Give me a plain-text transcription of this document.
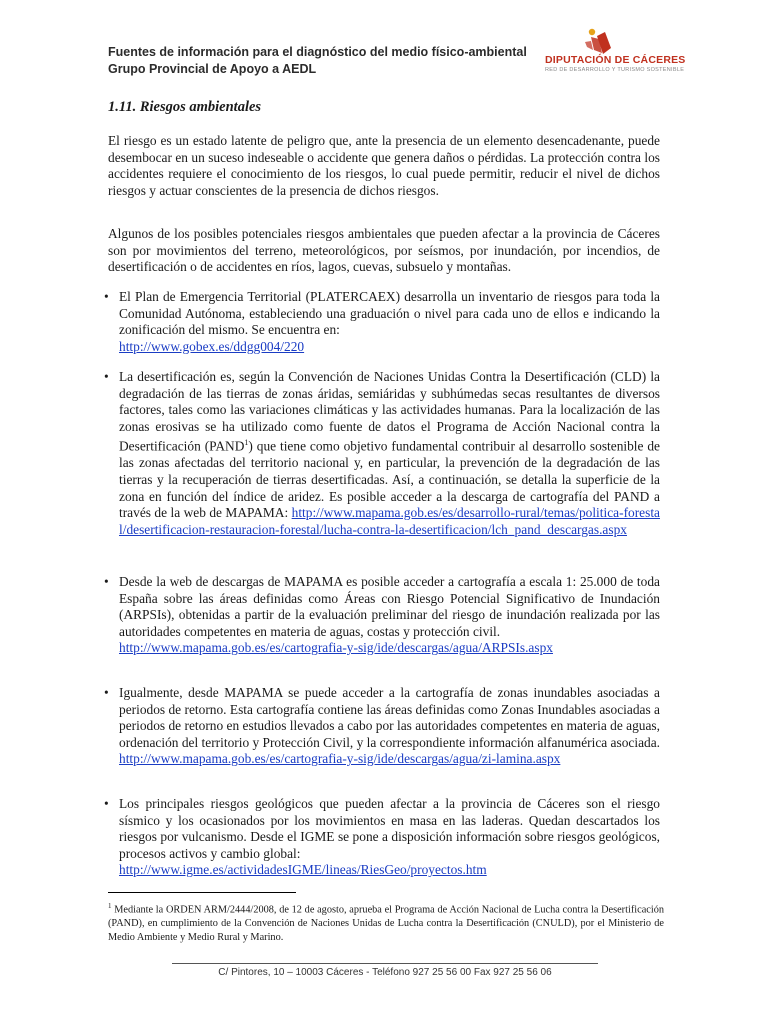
Fuentes de información para el diagnóstico del medio físico-ambiental
Grupo Provincial de Apoyo a AEDL
DIPUTACIÓN DE CÁCERES
RED DE DESARROLLO Y TURISMO SOSTENIBLE
1.11. Riesgos ambientales
El riesgo es un estado latente de peligro que, ante la presencia de un elemento desencadenante, puede desembocar en un suceso indeseable o accidente que genera daños o pérdidas. La protección contra los accidentes requiere el conocimiento de los riesgos, lo cual puede permitir, reducir el nivel de dichos riesgos y actuar conscientes de la presencia de dichos riesgos.
Algunos de los posibles potenciales riesgos ambientales que pueden afectar a la provincia de Cáceres son por movimientos del terreno, meteorológicos, por seísmos, por inundación, por incendios, de desertificación o de accidentes en ríos, lagos, cuevas, subsuelo y montañas.
• El Plan de Emergencia Territorial (PLATERCAEX) desarrolla un inventario de riesgos para toda la Comunidad Autónoma, estableciendo una graduación o nivel para cada uno de ellos e indicando la zonificación del mismo. Se encuentra en:
http://www.gobex.es/ddgg004/220
• La desertificación es, según la Convención de Naciones Unidas Contra la Desertificación (CLD) la degradación de las tierras de zonas áridas, semiáridas y subhúmedas secas resultantes de diversos factores, tales como las variaciones climáticas y las actividades humanas. Para la localización de las zonas erosivas se ha utilizado como fuente de datos el Programa de Acción Nacional contra la Desertificación (PAND$^1$) que tiene como objetivo fundamental contribuir al desarrollo sostenible de las zonas afectadas del territorio nacional y, en particular, la prevención de la degradación de las tierras y la recuperación de tierras desertificadas. Así, a continuación, se detalla la superficie de la zona en función del índice de aridez. Es posible acceder a la descarga de cartografía del PAND a través de la web de MAPAMA: http://www.mapama.gob.es/es/desarrollo-rural/temas/politica-forestal/desertificacion-restauracion-forestal/lucha-contra-la-desertificacion/lch_pand_descargas.aspx
• Desde la web de descargas de MAPAMA es posible acceder a cartografía a escala 1: 25.000 de toda España sobre las áreas definidas como Áreas con Riesgo Potencial Significativo de Inundación (ARPSIs), obtenidas a partir de la evaluación preliminar del riesgo de inundación realizada por las autoridades competentes en materia de aguas, costas y protección civil.
http://www.mapama.gob.es/es/cartografia-y-sig/ide/descargas/agua/ARPSIs.aspx
• Igualmente, desde MAPAMA se puede acceder a la cartografía de zonas inundables asociadas a periodos de retorno. Esta cartografía contiene las áreas definidas como Zonas Inundables asociadas a periodos de retorno en estudios llevados a cabo por las autoridades competentes en materia de aguas, ordenación del territorio y Protección Civil, y la correspondiente información alfanumérica asociada.
http://www.mapama.gob.es/es/cartografia-y-sig/ide/descargas/agua/zi-lamina.aspx
• Los principales riesgos geológicos que pueden afectar a la provincia de Cáceres son el riesgo sísmico y los ocasionados por los movimientos en masa en las laderas. Quedan descartados los riesgos por vulcanismo. Desde el IGME se pone a disposición información sobre riesgos geológicos, procesos activos y cambio global:
http://www.igme.es/actividadesIGME/lineas/RiesGeo/proyectos.htm
$^1$ Mediante la ORDEN ARM/2444/2008, de 12 de agosto, aprueba el Programa de Acción Nacional de Lucha contra la Desertificación (PAND), en cumplimiento de la Convención de Naciones Unidas de Lucha contra la Desertificación (CNULD), por el Ministerio de Medio Ambiente y Medio Rural y Marino.
C/ Pintores, 10 – 10003 Cáceres - Teléfono 927 25 56 00 Fax 927 25 56 06
